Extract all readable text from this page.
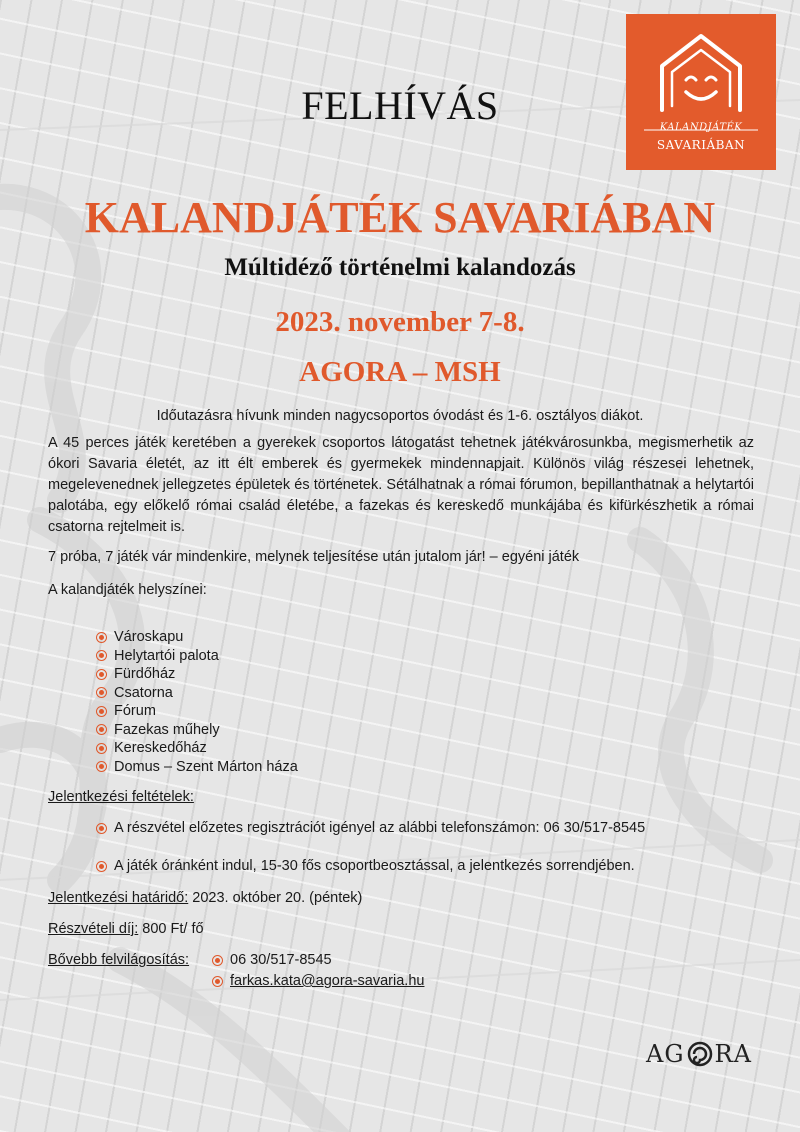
KALANDJÁTÉK
SAVARIÁBAN
FELHÍVÁS
KALANDJÁTÉK SAVARIÁBAN
Múltidéző történelmi kalandozás
2023. november 7-8.
AGORA – MSH
Időutazásra hívunk minden nagycsoportos óvodást és 1-6. osztályos diákot.
A 45 perces játék keretében a gyerekek csoportos látogatást tehetnek játékvárosunkba, megismerhetik az ókori Savaria életét, az itt élt emberek és gyermekek mindennapjait. Különös világ részesei lehetnek, megelevenednek jellegzetes épületek és történetek. Sétálhatnak a római fórumon, bepillanthatnak a helytartói palotába, egy előkelő római család életébe, a fazekas és kereskedő munkájába és kifürkészhetik a római csatorna rejtelmeit is.
7 próba, 7 játék vár mindenkire, melynek teljesítése után jutalom jár! – egyéni játék
A kalandjáték helyszínei:
Városkapu
Helytartói palota
Fürdőház
Csatorna
Fórum
Fazekas műhely
Kereskedőház
Domus – Szent Márton háza
Jelentkezési feltételek:
A részvétel előzetes regisztrációt igényel az alábbi telefonszámon: 06 30/517-8545
A játék óránként indul, 15-30 fős csoportbeosztással, a jelentkezés sorrendjében.
Jelentkezési határidő: 2023. október 20. (péntek)
Részvételi díj: 800 Ft/ fő
Bővebb felvilágosítás:	06 30/517-8545
farkas.kata@agora-savaria.hu
AG RA
